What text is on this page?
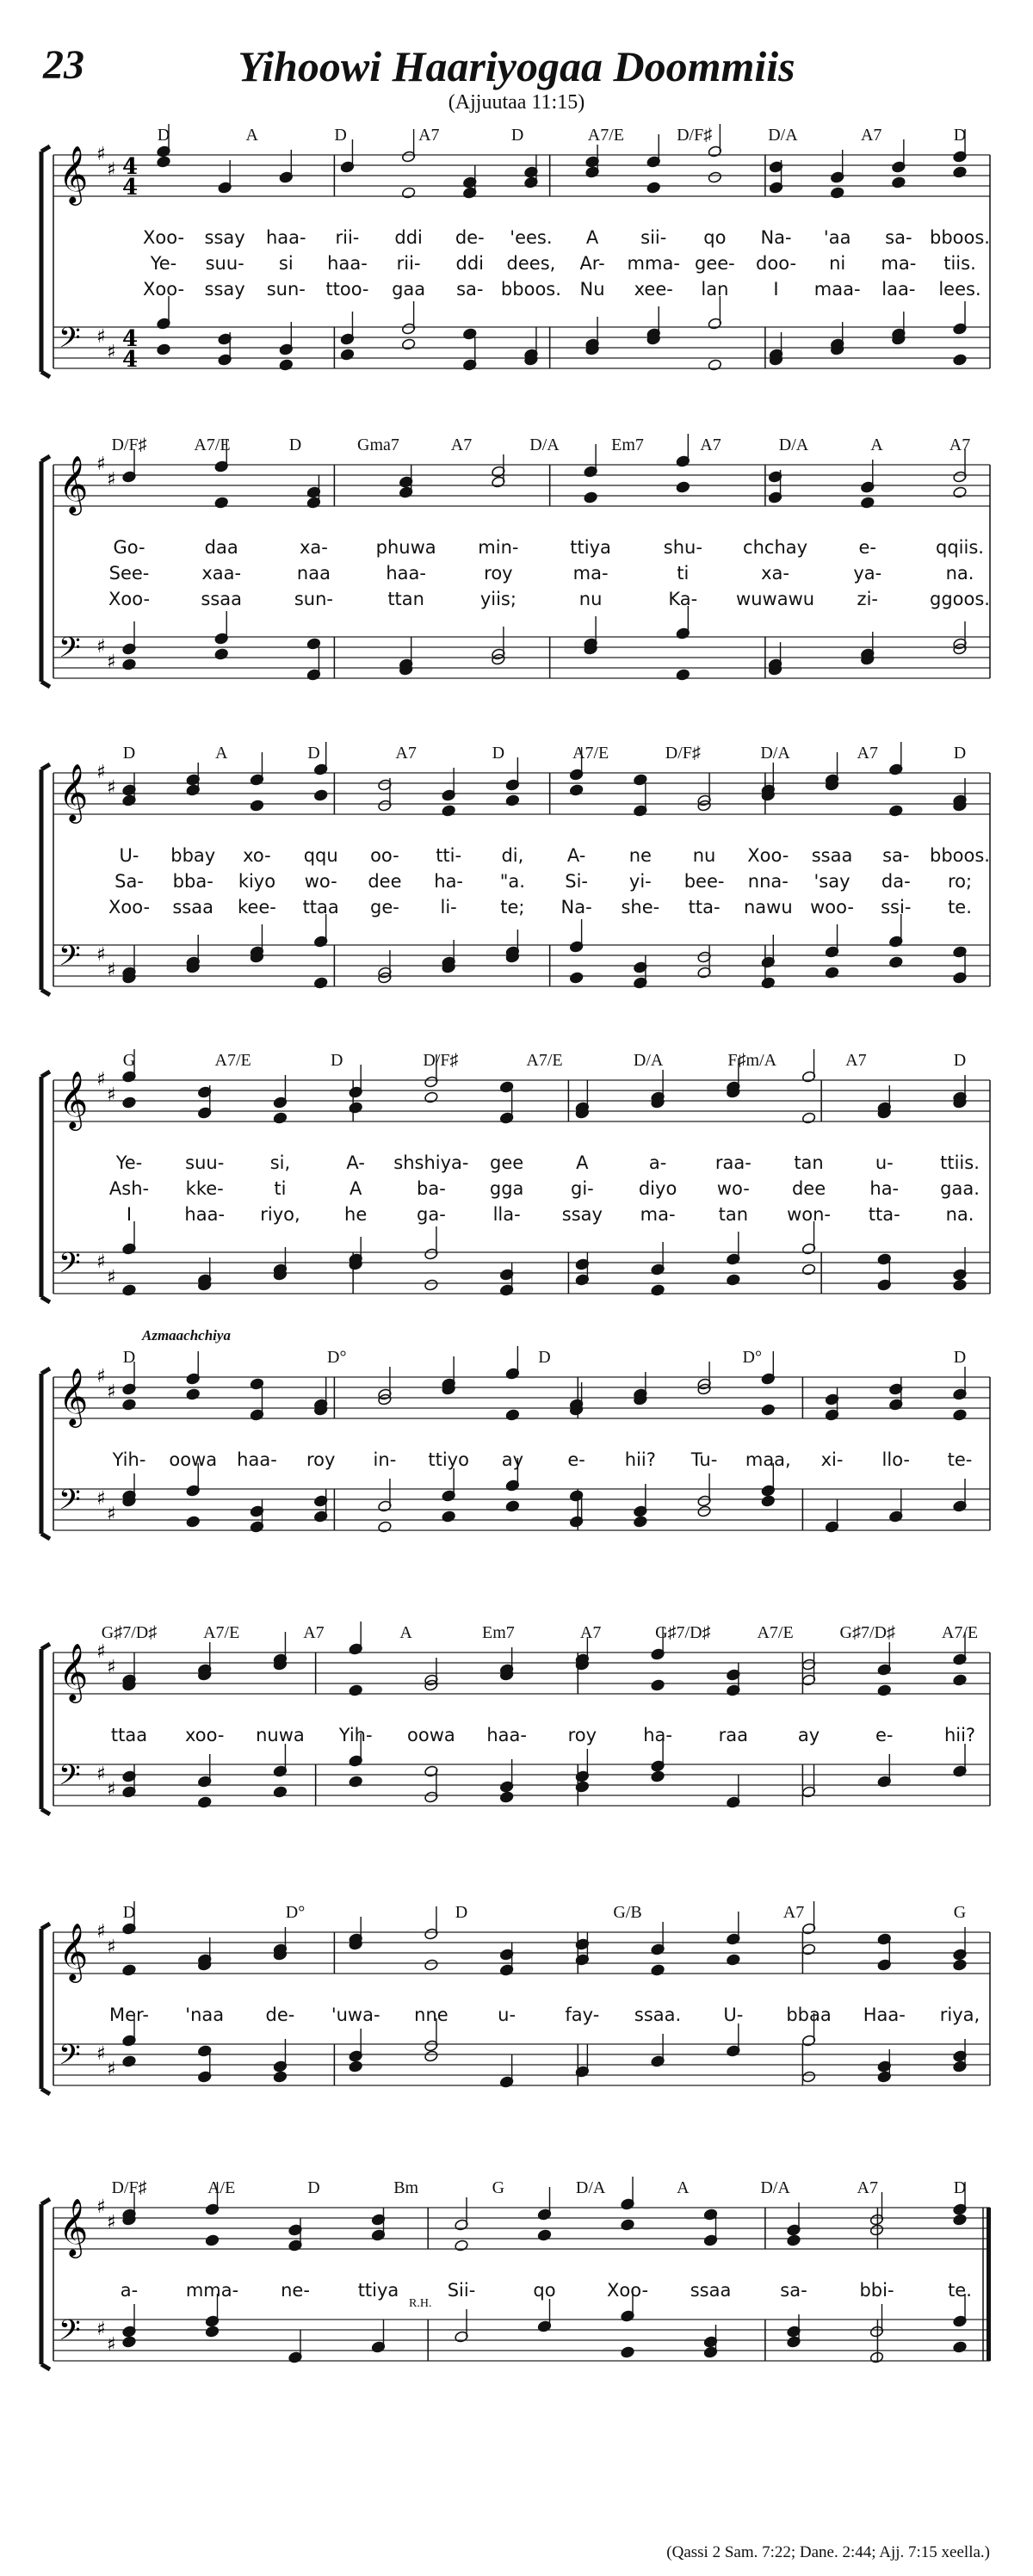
23	Yihoowi Haariyogaa Doommiis
(Ajjuutaa 11:15)
𝄞 ♯
♯ 4
4
𝄢 ♯
♯
4
4
D	A	D	A7	D	A7/E	D/F♯	D/A	A7	D
Xoo- ssay haa- rii- ddi de- 'ees. A sii- qo Na- 'aa sa- bboos.
Ye- suu- si haa- rii- ddi dees, Ar- mma- gee- doo- ni ma- tiis.
Xoo- ssay sun- ttoo- gaa sa- bboos. Nu xee- lan I maa- laa- lees.
𝄞 ♯
♯
𝄢 ♯
♯
D/F♯	A7/E	D	Gma7	A7	D/A	Em7	A7	D/A	A	A7
Go-	daa	xa-	phuwa min-	ttiya	shu- chchay	e-	qqiis.
See-	xaa-	naa	haa-	roy	ma-	ti	xa-	ya-	na.
Xoo-	ssaa	sun-	ttan	yiis;	nu	Ka- wuwawu zi-	ggoos.
𝄞 ♯
♯
𝄢 ♯
♯
D	A	D	A7	D	A7/E	D/F♯	D/A	A7	D
U- bbay xo- qqu oo- tti- di, A- ne nu Xoo- ssaa sa- bboos.
Sa- bba- kiyo wo- dee ha- "a. Si- yi- bee- nna- 'say da- ro;
Xoo- ssaa kee- ttaa ge- li- te; Na- she- tta- nawu woo- ssi- te.
𝄞 ♯
♯
𝄢 ♯
♯
G	A7/E	D	D/F♯	A7/E	D/A	F♯m/A	A7	D
Ye- suu-	si,	A- shshiya- gee	A	a-	raa- tan	u-	ttiis.
Ash- kke-	ti	A	ba- gga	gi- diyo wo- dee ha- gaa.
I	haa- riyo, he	ga-	lla- ssay ma- tan won- tta-	na.
𝄞 ♯
♯
𝄢 ♯
♯
D	D°	D	D°	D
Azmaachchiya
Yih- oowa haa- roy in- ttiyo ay e- hii? Tu- maa, xi- llo- te-
𝄞 ♯
♯
𝄢 ♯
♯
G♯7/D♯	A7/E	A7	A	Em7	A7	G♯7/D♯	A7/E	G♯7/D♯	A7/E
ttaa xoo- nuwa Yih- oowa haa- roy	ha-	raa	ay	e-	hii?
𝄞 ♯
♯
𝄢 ♯
♯
D	D°	D	G/B	A7	G
Mer- 'naa de- 'uwa- nne	u-	fay- ssaa. U- bbaa Haa- riya,
𝄞 ♯
♯
𝄢 ♯
♯
D/F♯	A/E	D	Bm	G	D/A	A	D/A	A7	D
R.H.
a-	mma- ne-	ttiya	Sii-	qo	Xoo- ssaa	sa-	bbi-	te.
(Qassi 2 Sam. 7:22; Dane. 2:44; Ajj. 7:15 xeella.)
